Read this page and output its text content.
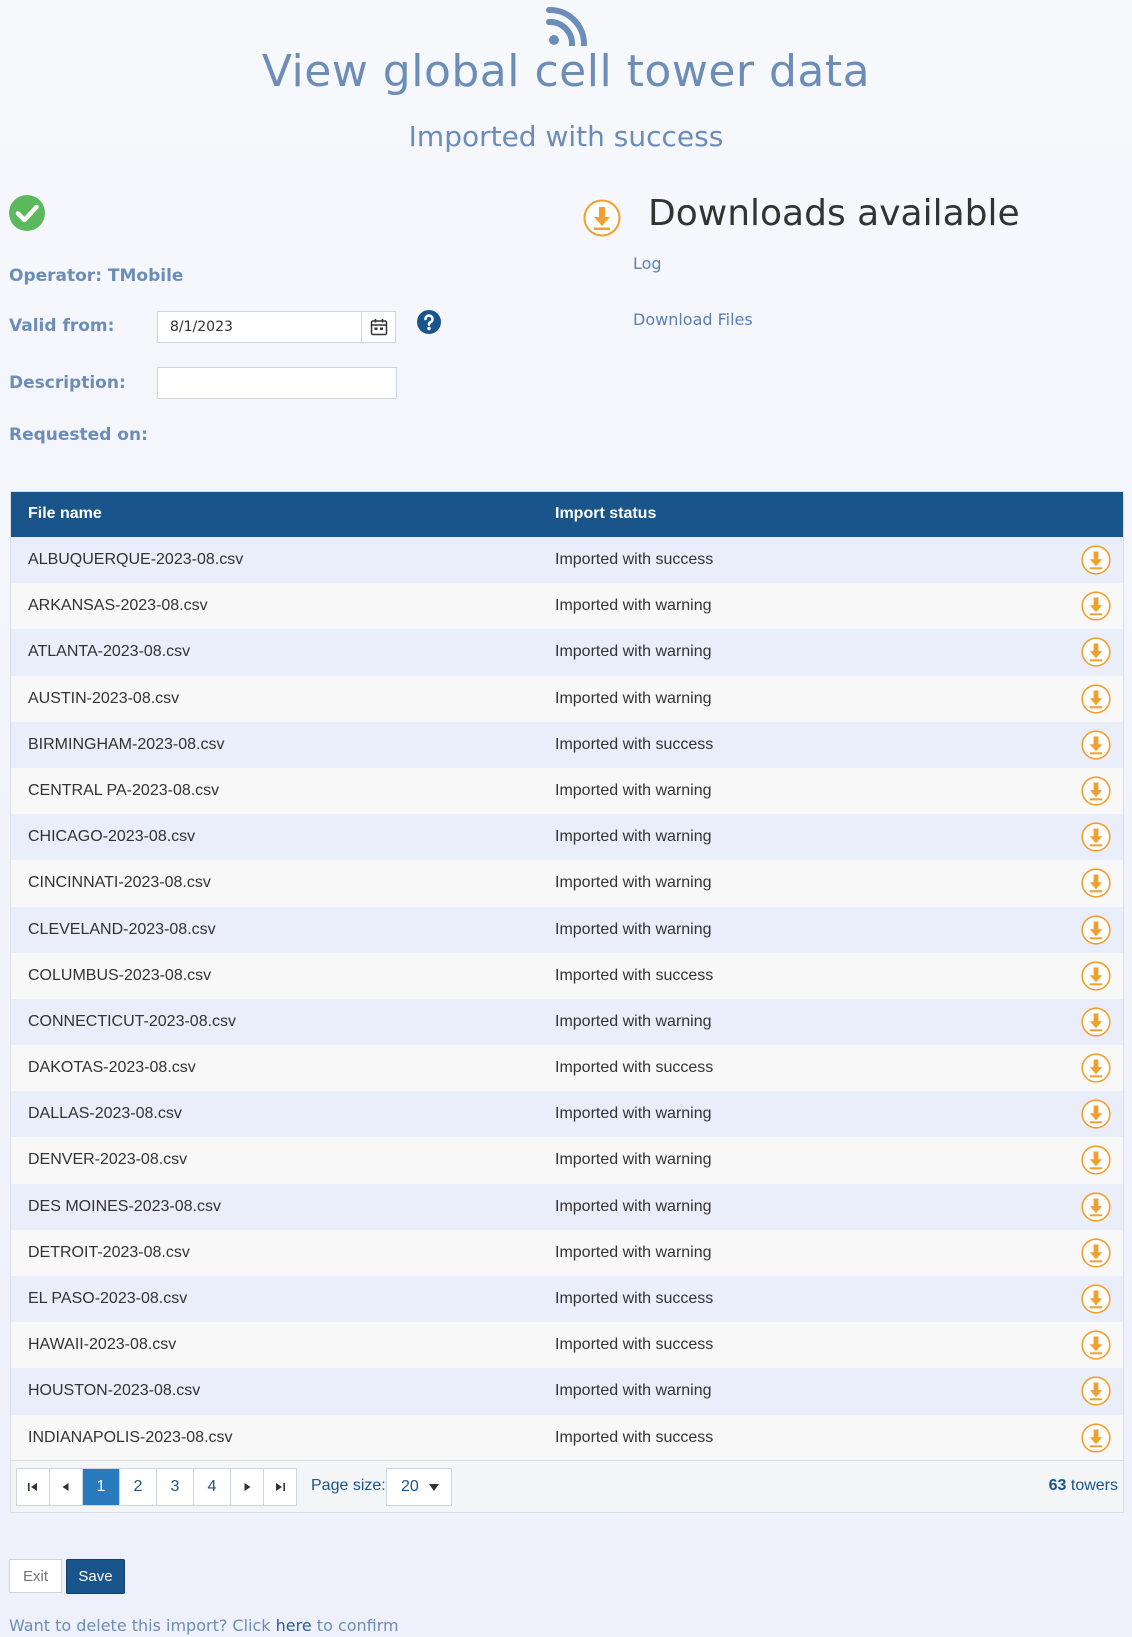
View global cell tower data
Imported with success
Operator: TMobile
Valid from:	8/1/2023
Description:
Requested on:
Downloads available
Log
Download Files
File name	Import status
ALBUQUERQUE-2023-08.csv	Imported with success
ARKANSAS-2023-08.csv	Imported with warning
ATLANTA-2023-08.csv	Imported with warning
AUSTIN-2023-08.csv	Imported with warning
BIRMINGHAM-2023-08.csv	Imported with success
CENTRAL PA-2023-08.csv	Imported with warning
CHICAGO-2023-08.csv	Imported with warning
CINCINNATI-2023-08.csv	Imported with warning
CLEVELAND-2023-08.csv	Imported with warning
COLUMBUS-2023-08.csv	Imported with success
CONNECTICUT-2023-08.csv	Imported with warning
DAKOTAS-2023-08.csv	Imported with success
DALLAS-2023-08.csv	Imported with warning
DENVER-2023-08.csv	Imported with warning
DES MOINES-2023-08.csv	Imported with warning
DETROIT-2023-08.csv	Imported with warning
EL PASO-2023-08.csv	Imported with success
HAWAII-2023-08.csv	Imported with success
HOUSTON-2023-08.csv	Imported with warning
INDIANAPOLIS-2023-08.csv	Imported with success
1	2	3	4	Page size: 20	63 towers
Exit	Save
Want to delete this import? Click here to confirm
